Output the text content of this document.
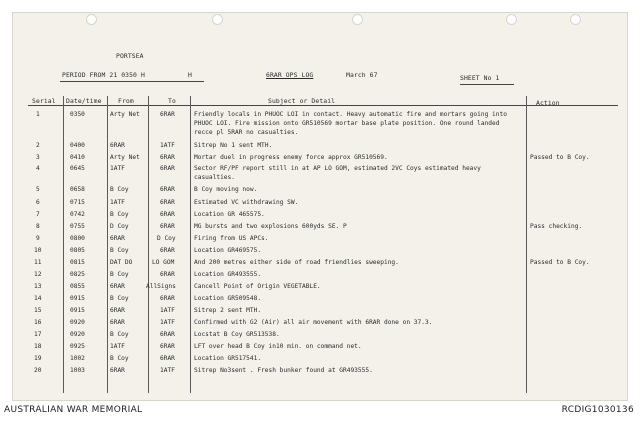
PORTSEA
PERIOD FROM 21 0350 H	H	6RAR OPS LOG	March 67	SHEET No 1
Serial Date/time	From	To	Subject or Detail	Action
1	0350	Arty Net	6RAR	Friendly locals in PHUOC LOI in contact. Heavy automatic fire and mortars going into
PHUOC LOI. Fire mission onto GR510569 mortar base plate position. One round landed
recce pl 5RAR no casualties.
2	0400	6RAR	1ATF	Sitrep No 1 sent MTH.
3	0410	Arty Net	6RAR	Mortar duel in progress enemy force approx GR510569.	Passed to B Coy.
4	0645	1ATF	6RAR	Sector RF/PF report still in at AP LO GOM, estimated 2VC Coys estimated heavy
casualties.
5	0658	B Coy	6RAR	B Coy moving now.
6	0715	1ATF	6RAR	Estimated VC withdrawing SW.
7	0742	B Coy	6RAR	Location GR 465575.
8	0755	D Coy	6RAR	MG bursts and two explosions 600yds SE. P	Pass checking.
9	0800	6RAR	D Coy	Firing from US APCs.
10	0805	B Coy	6RAR	Location GR469575.
11	0815	DAT DO	LO GOM	And 200 metres either side of road friendlies sweeping.	Passed to B Coy.
12	0825	B Coy	6RAR	Location GR493555.
13	0855	6RAR	AllSigns	Cancell Point of Origin VEGETABLE.
14	0915	B Coy	6RAR	Location GR509548.
15	0915	6RAR	1ATF	Sitrep 2 sent MTH.
16	0920	6RAR	1ATF	Confirmed with G2 (Air) all air movement with 6RAR done on 37.3.
17	0920	B Coy	6RAR	Locstat B Coy GR513538.
18	0925	1ATF	6RAR	LFT over head B Coy in10 min. on command net.
19	1002	B Coy	6RAR	Location GR517541.
20	1003	6RAR	1ATF	Sitrep No3sent . Fresh bunker found at GR493555.
AUSTRALIAN WAR MEMORIAL	RCDIG1030136
